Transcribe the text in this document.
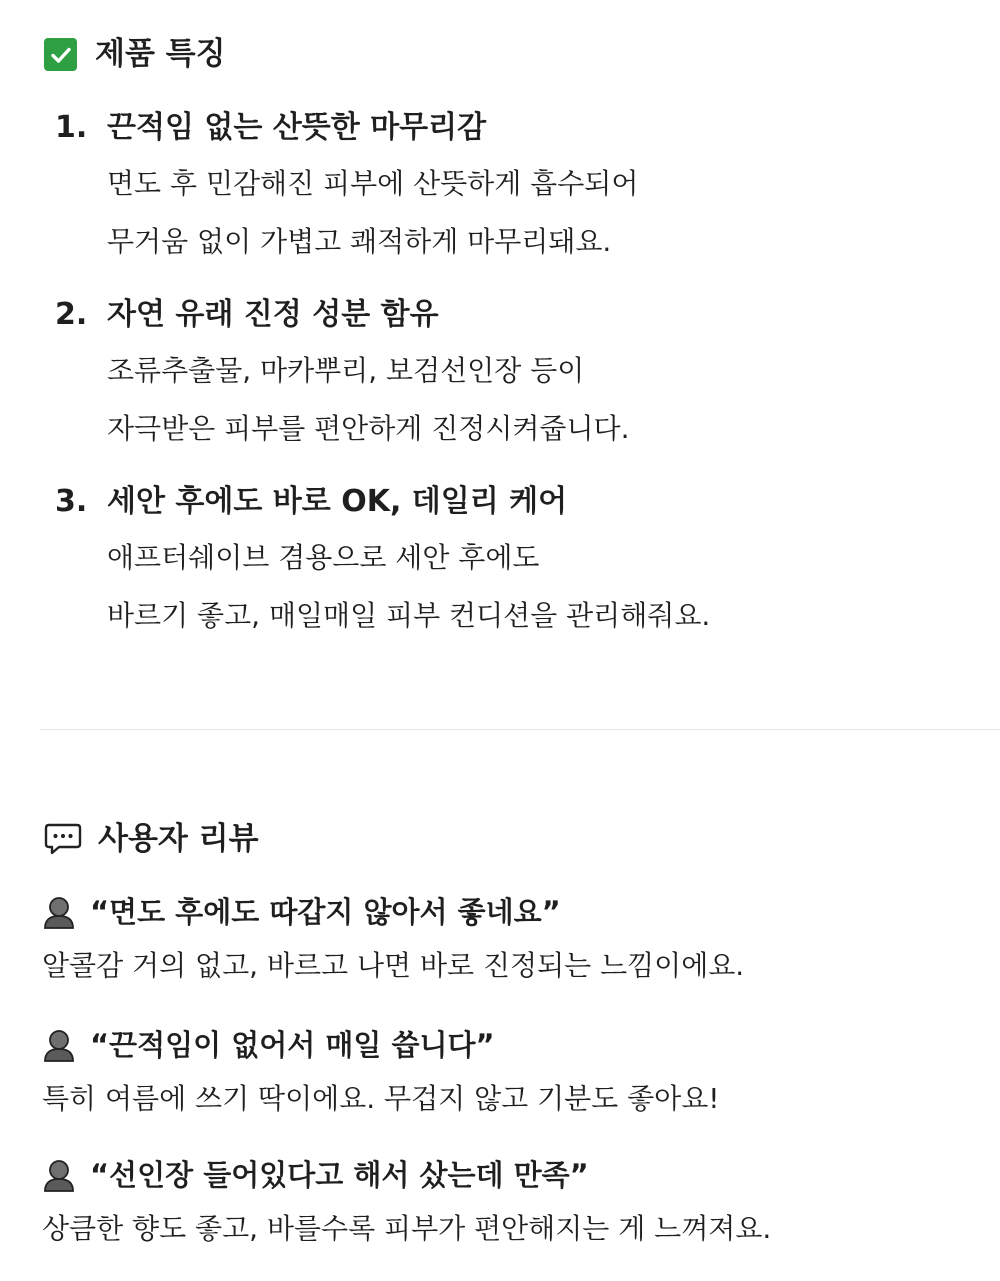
제품 특징
1. 끈적임 없는 산뜻한 마무리감
면도 후 민감해진 피부에 산뜻하게 흡수되어
무거움 없이 가볍고 쾌적하게 마무리돼요.
2. 자연 유래 진정 성분 함유
조류추출물, 마카뿌리, 보검선인장 등이
자극받은 피부를 편안하게 진정시켜줍니다.
3. 세안 후에도 바로 OK, 데일리 케어
애프터쉐이브 겸용으로 세안 후에도
바르기 좋고, 매일매일 피부 컨디션을 관리해줘요.
사용자 리뷰
“면도 후에도 따갑지 않아서 좋네요”
알콜감 거의 없고, 바르고 나면 바로 진정되는 느낌이에요.
“끈적임이 없어서 매일 씁니다”
특히 여름에 쓰기 딱이에요. 무겁지 않고 기분도 좋아요!
“선인장 들어있다고 해서 샀는데 만족”
상큼한 향도 좋고, 바를수록 피부가 편안해지는 게 느껴져요.
